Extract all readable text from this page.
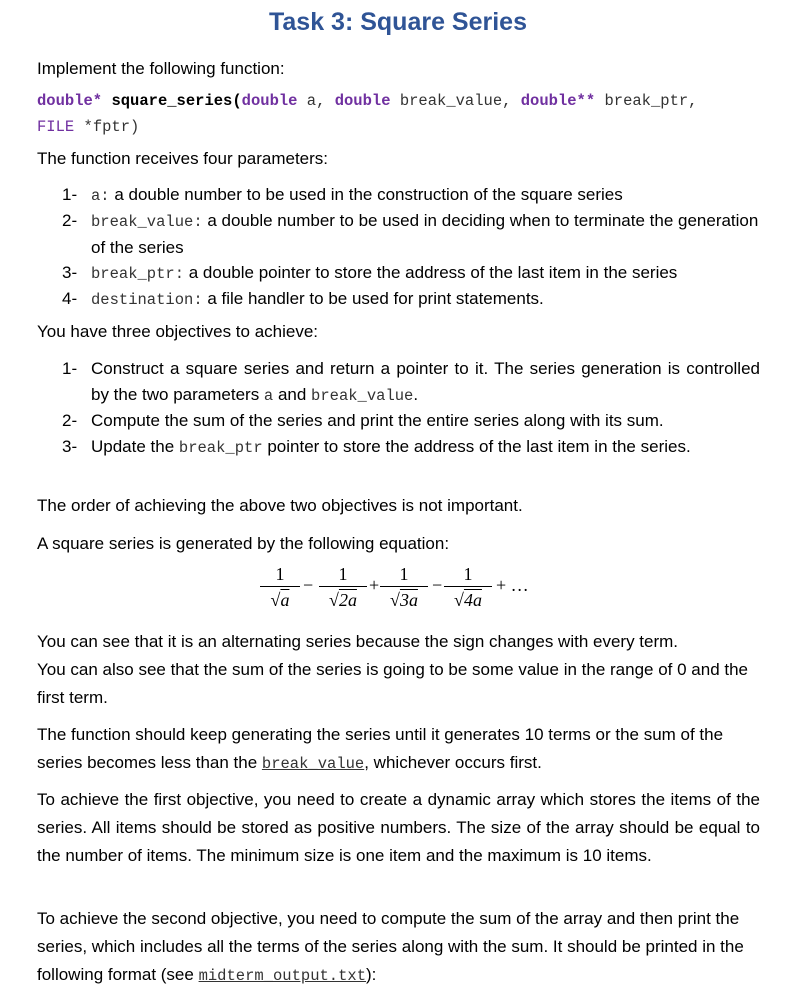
Task 3: Square Series
Implement the following function:
double* square_series(double a, double break_value, double** break_ptr,
FILE *fptr)
The function receives four parameters:
1- a: a double number to be used in the construction of the square series
2- break_value: a double number to be used in deciding when to terminate the generation of the series
3- break_ptr: a double pointer to store the address of the last item in the series
4- destination: a file handler to be used for print statements.
You have three objectives to achieve:
1- Construct a square series and return a pointer to it. The series generation is controlled by the two parameters a and break_value.
2- Compute the sum of the series and print the entire series along with its sum.
3- Update the break_ptr pointer to store the address of the last item in the series.
The order of achieving the above two objectives is not important.
A square series is generated by the following equation:
1
√a
−
1
√2a
+
1
√3a
−
1
√4a
+ …
You can see that it is an alternating series because the sign changes with every term.
You can also see that the sum of the series is going to be some value in the range of 0 and the first term.
The function should keep generating the series until it generates 10 terms or the sum of the series becomes less than the break_value, whichever occurs first.
To achieve the first objective, you need to create a dynamic array which stores the items of the series. All items should be stored as positive numbers. The size of the array should be equal to the number of items. The minimum size is one item and the maximum is 10 items.
To achieve the second objective, you need to compute the sum of the array and then print the series, which includes all the terms of the series along with the sum. It should be printed in the following format (see midterm_output.txt):
